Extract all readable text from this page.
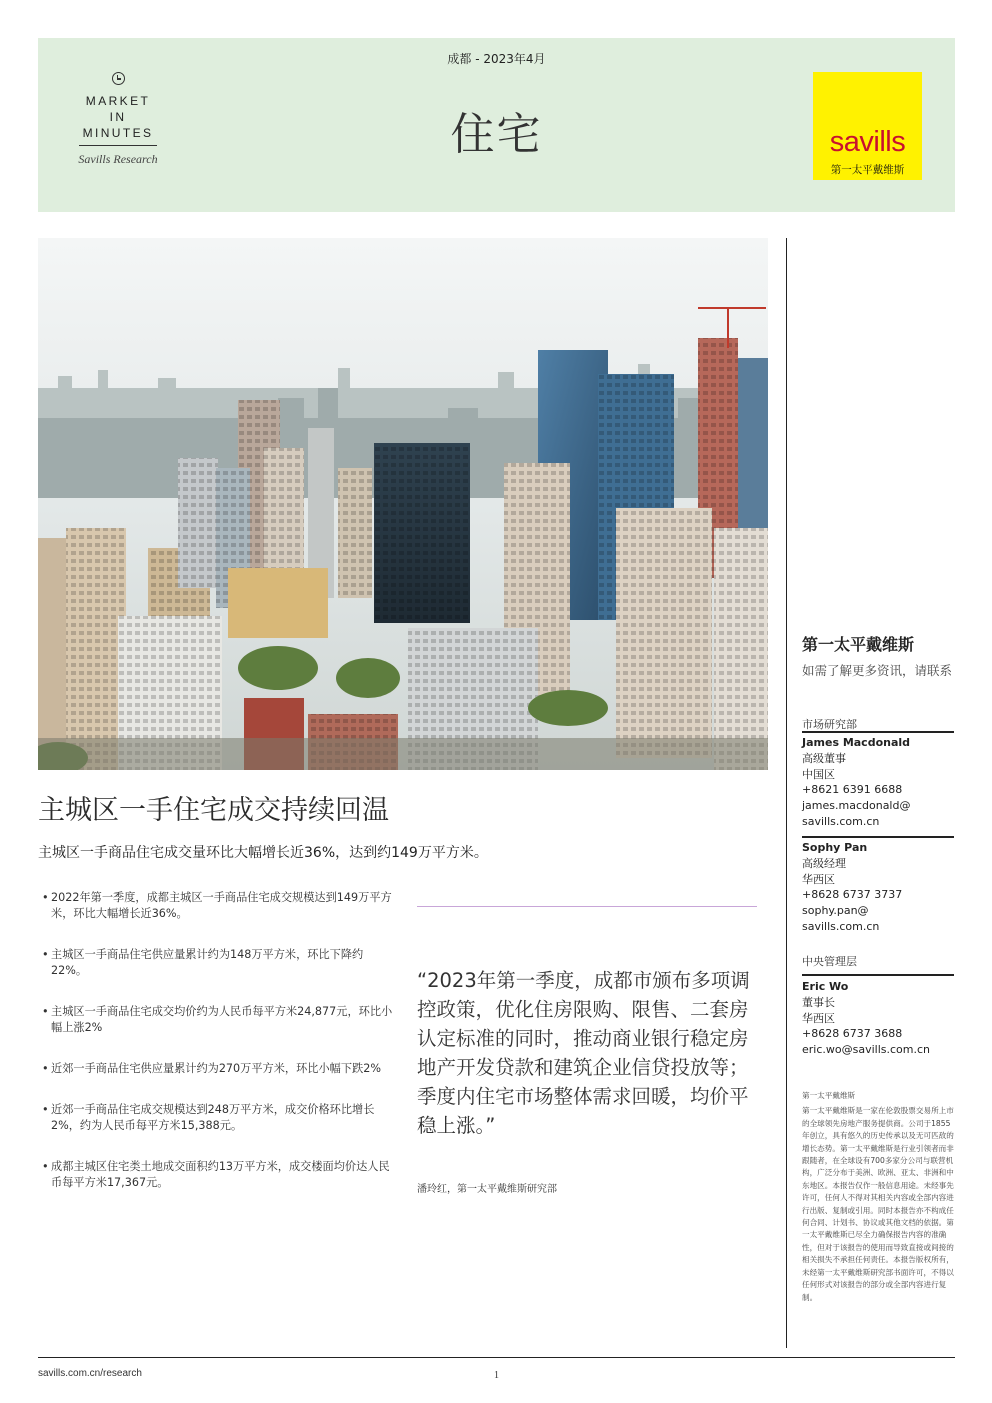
MARKET
IN
MINUTES
Savills Research
成都 - 2023年4月
住宅	savills
第一太平戴维斯
主城区一手住宅成交持续回温
主城区一手商品住宅成交量环比大幅增长近36%，达到约149万平方米。
• 2022年第一季度，成都主城区一手商品住宅成交规模达到149万平方米，环比大幅增长近36%。
• 主城区一手商品住宅供应量累计约为148万平方米，环比下降约22%。
• 主城区一手商品住宅成交均价约为人民币每平方米24,877元，环比小幅上涨2%
• 近郊一手商品住宅供应量累计约为270万平方米，环比小幅下跌2%
• 近郊一手商品住宅成交规模达到248万平方米，成交价格环比增长2%，约为人民币每平方米15,388元。
• 成都主城区住宅类土地成交面积约13万平方米，成交楼面均价达人民币每平方米17,367元。
“2023年第一季度，成都市颁布多项调控政策，优化住房限购、限售、二套房认定标准的同时，推动商业银行稳定房地产开发贷款和建筑企业信贷投放等；季度内住宅市场整体需求回暖，均价平稳上涨。”
潘玲红，第一太平戴维斯研究部
第一太平戴维斯
如需了解更多资讯，请联系
市场研究部
James Macdonald
高级董事
中国区
+8621 6391 6688
james.macdonald@
savills.com.cn
Sophy Pan
高级经理
华西区
+8628 6737 3737
sophy.pan@
savills.com.cn
中央管理层
Eric Wo
董事长
华西区
+8628 6737 3688
eric.wo@savills.com.cn
第一太平戴维斯
第一太平戴维斯是一家在伦敦股票交易所上市的全球领先房地产服务提供商。公司于1855年创立，具有悠久的历史传承以及无可匹敌的增长态势。第一太平戴维斯是行业引领者而非跟随者，在全球设有700多家分公司与联营机构，广泛分布于美洲、欧洲、亚太、非洲和中东地区。本报告仅作一般信息用途。未经事先许可，任何人不得对其相关内容或全部内容进行出版、复制或引用。同时本报告亦不构成任何合同、计划书、协议或其他文档的依据。第一太平戴维斯已尽全力确保报告内容的准确性，但对于该报告的使用而导致直接或间接的相关损失不承担任何责任。本报告版权所有，未经第一太平戴维斯研究部书面许可，不得以任何形式对该报告的部分或全部内容进行复制。
savills.com.cn/research	1
